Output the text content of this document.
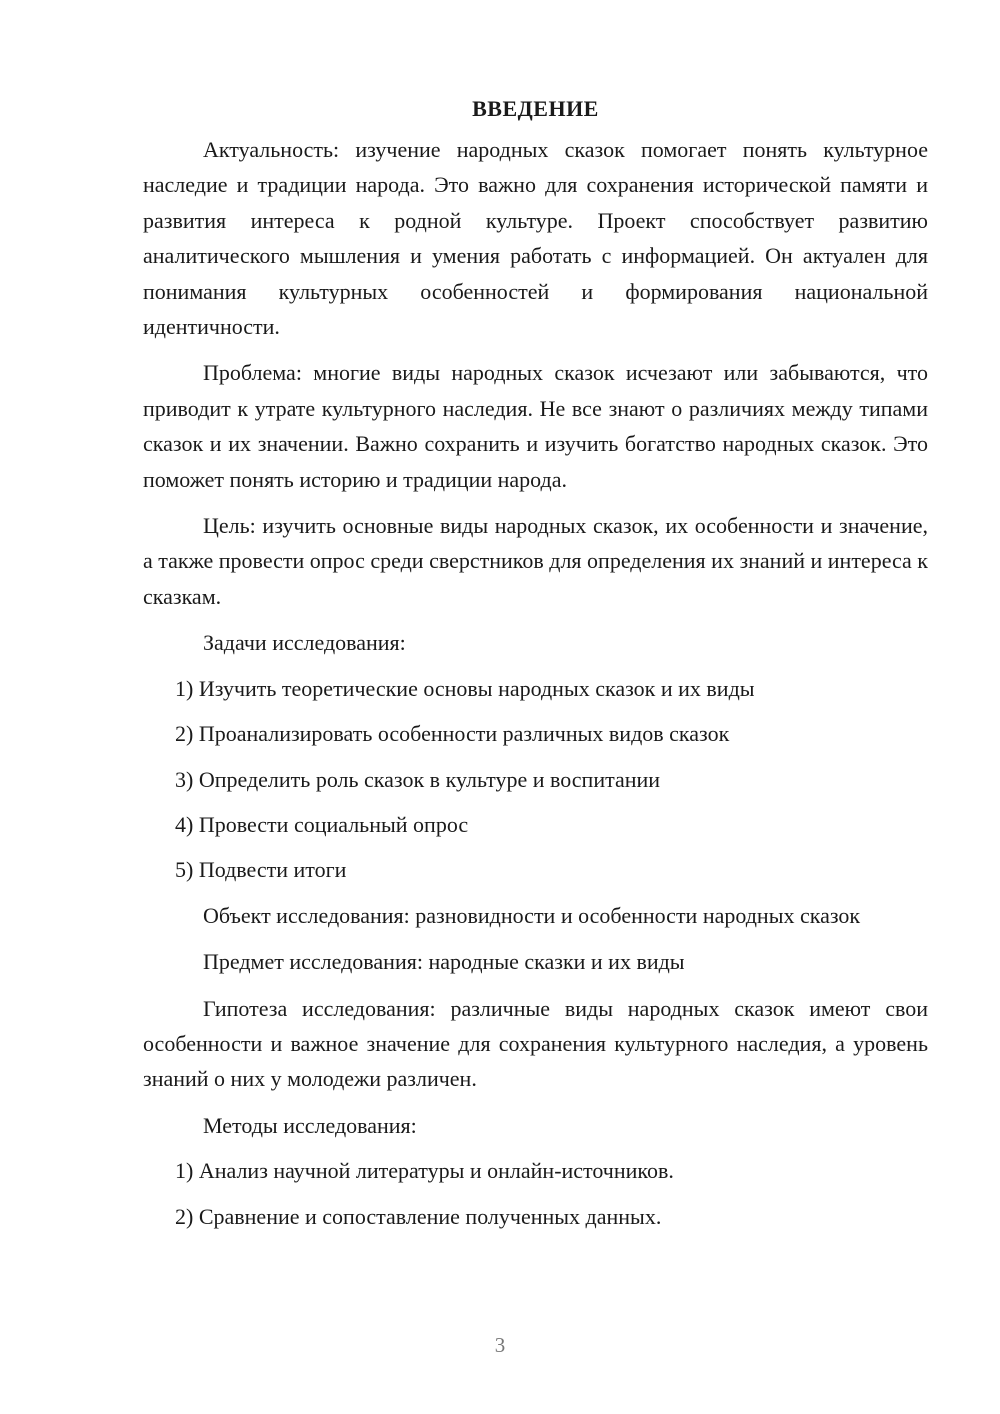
ВВЕДЕНИЕ

Актуальность: изучение народных сказок помогает понять культурное наследие и традиции народа. Это важно для сохранения исторической памяти и развития интереса к родной культуре. Проект способствует развитию аналитического мышления и умения работать с информацией. Он актуален для понимания культурных особенностей и формирования национальной идентичности.

Проблема: многие виды народных сказок исчезают или забываются, что приводит к утрате культурного наследия. Не все знают о различиях между типами сказок и их значении. Важно сохранить и изучить богатство народных сказок. Это поможет понять историю и традиции народа.

Цель: изучить основные виды народных сказок, их особенности и значение, а также провести опрос среди сверстников для определения их знаний и интереса к сказкам.

Задачи исследования:

1) Изучить теоретические основы народных сказок и их виды

2) Проанализировать особенности различных видов сказок

3) Определить роль сказок в культуре и воспитании

4) Провести социальный опрос

5) Подвести итоги

Объект исследования: разновидности и особенности народных сказок

Предмет исследования: народные сказки и их виды

Гипотеза исследования: различные виды народных сказок имеют свои особенности и важное значение для сохранения культурного наследия, а уровень знаний о них у молодежи различен.

Методы исследования:

1) Анализ научной литературы и онлайн-источников.

2) Сравнение и сопоставление полученных данных.

3
